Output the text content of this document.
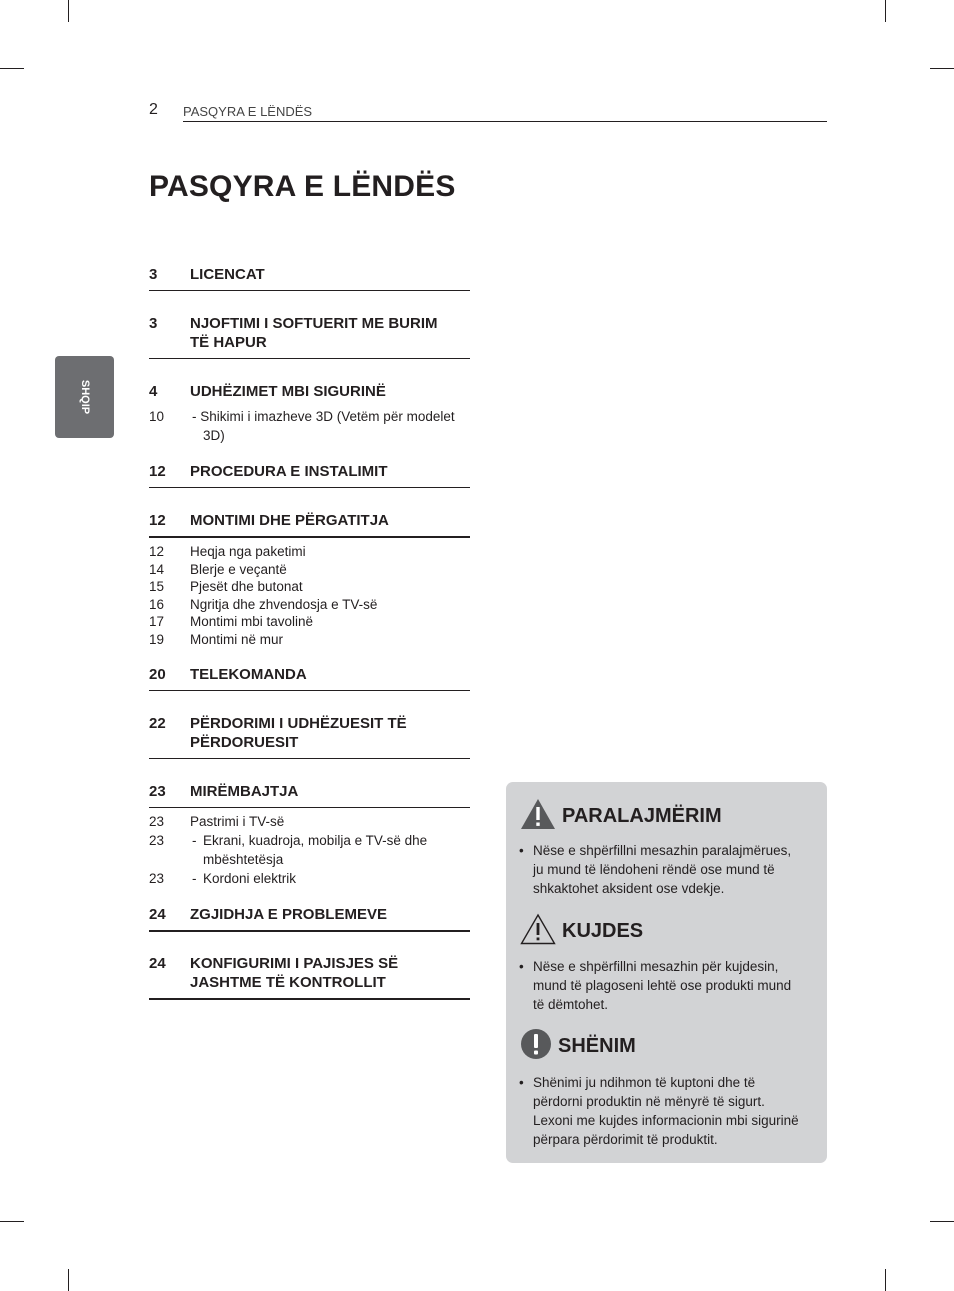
2 PASQYRA E LËNDËS
PASQYRA E LËNDËS
SHQIP
3	LICENCAT
3	NJOFTIMI I SOFTUERIT ME BURIM
TË HAPUR
4	UDHËZIMET MBI SIGURINË
10	- Shikimi i imazheve 3D (Vetëm për modelet
3D)
12	PROCEDURA E INSTALIMIT
12	MONTIMI DHE PËRGATITJA
12	Heqja nga paketimi
14	Blerje e veçantë
15	Pjesët dhe butonat
16	Ngritja dhe zhvendosja e TV-së
17	Montimi mbi tavolinë
19	Montimi në mur
20	TELEKOMANDA
22	PËRDORIMI I UDHËZUESIT TË
PËRDORUESIT
23	MIRËMBAJTJA
23	Pastrimi i TV-së
23	- Ekrani, kuadroja, mobilja e TV-së dhe
mbështetësja
23	- Kordoni elektrik
24	ZGJIDHJA E PROBLEMEVE
24	KONFIGURIMI I PAJISJES SË
JASHTME TË KONTROLLIT
PARALAJMËRIM
• Nëse e shpërfillni mesazhin paralajmërues,
ju mund të lëndoheni rëndë ose mund të
shkaktohet aksident ose vdekje.
KUJDES
• Nëse e shpërfillni mesazhin për kujdesin,
mund të plagoseni lehtë ose produkti mund
të dëmtohet.
SHËNIM
• Shënimi ju ndihmon të kuptoni dhe të
përdorni produktin në mënyrë të sigurt.
Lexoni me kujdes informacionin mbi sigurinë
përpara përdorimit të produktit.
